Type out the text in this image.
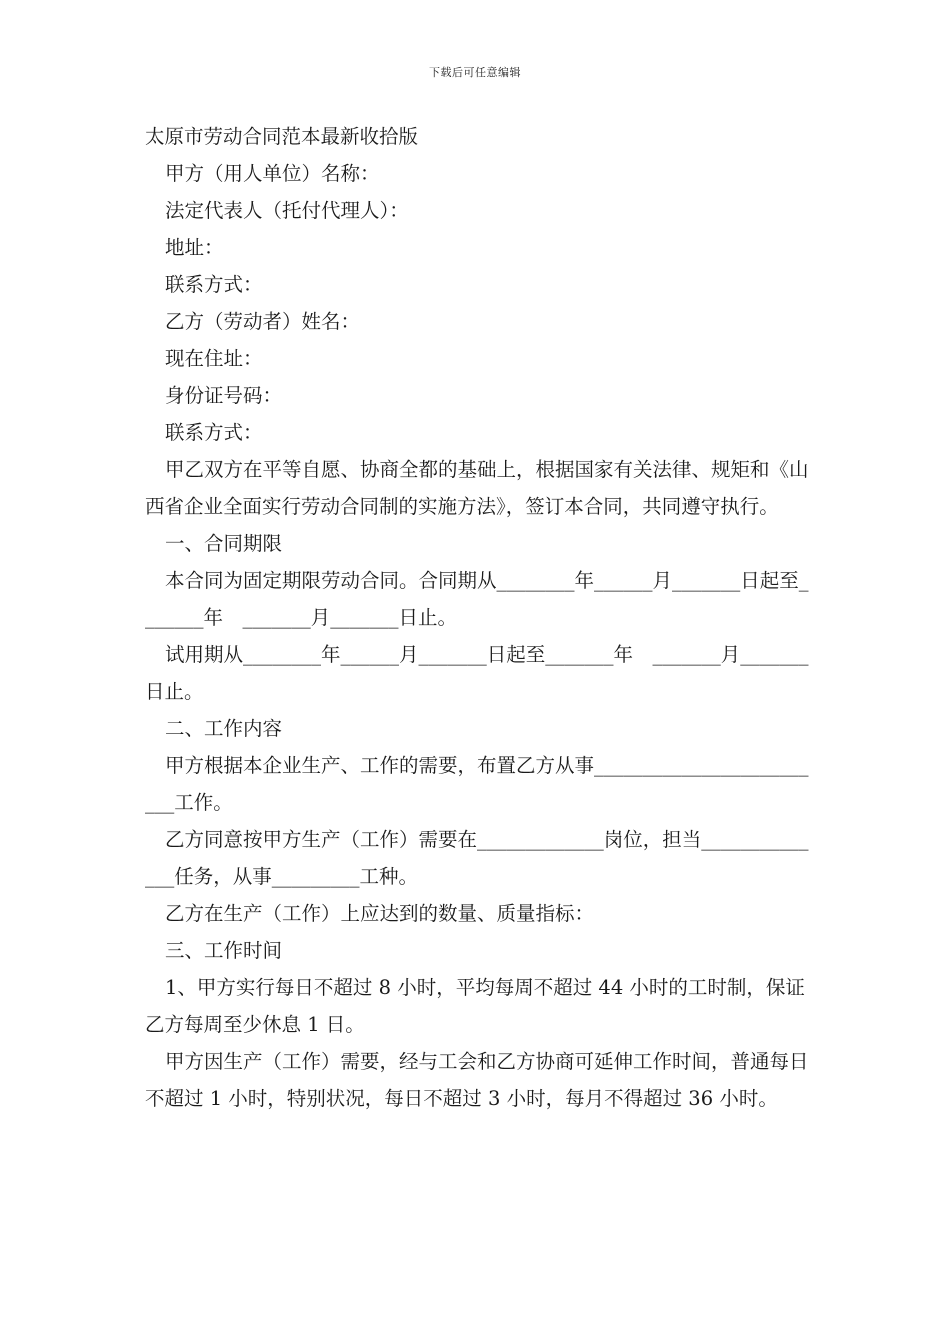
下载后可任意编辑

太原市劳动合同范本最新收拾版

甲方（用人单位）名称：

法定代表人（托付代理人）：

地址：

联系方式：

乙方（劳动者）姓名：

现在住址：

身份证号码：

联系方式：

甲乙双方在平等自愿、协商全都的基础上，根据国家有关法律、规矩和《山西省企业全面实行劳动合同制的实施方法》，签订本合同，共同遵守执行。

一、合同期限

本合同为固定期限劳动合同。合同期从________年______月_______日起至_______年　_______月_______日止。

试用期从________年______月_______日起至_______年　_______月_______日止。

二、工作内容

甲方根据本企业生产、工作的需要，布置乙方从事_________________________工作。

乙方同意按甲方生产（工作）需要在_____________岗位，担当______________任务，从事_________工种。

乙方在生产（工作）上应达到的数量、质量指标：

三、工作时间

1、甲方实行每日不超过 8 小时，平均每周不超过 44 小时的工时制，保证乙方每周至少休息 1 日。

甲方因生产（工作）需要，经与工会和乙方协商可延伸工作时间，普通每日不超过 1 小时，特别状况，每日不超过 3 小时，每月不得超过 36 小时。
